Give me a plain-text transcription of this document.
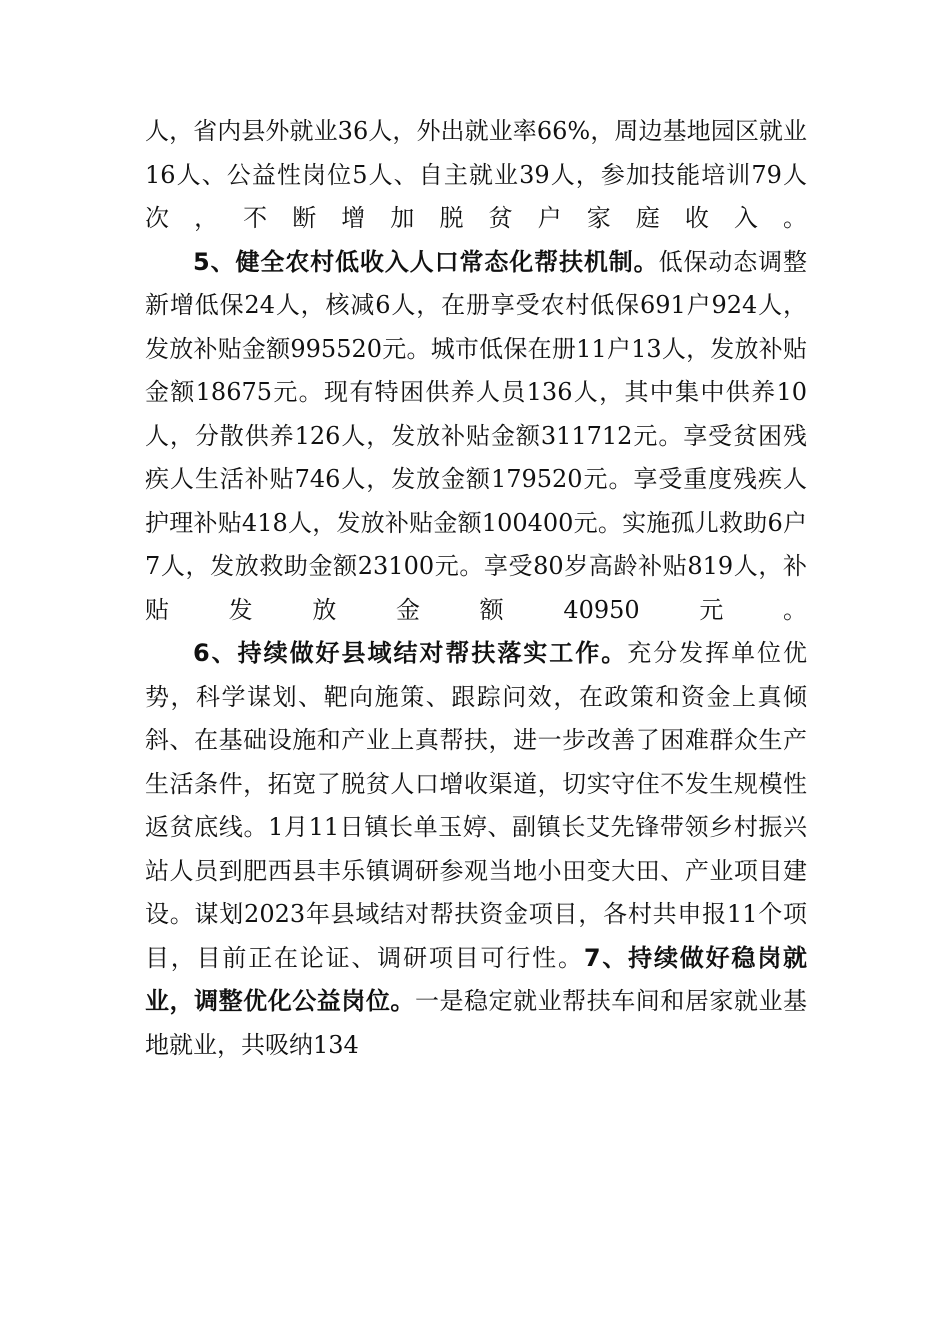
人，省内县外就业36人，外出就业率66%，周边基地园区就业16人、公益性岗位5人、自主就业39人，参加技能培训79人次，不断增加脱贫户家庭收入。

5、健全农村低收入人口常态化帮扶机制。低保动态调整新增低保24人，核减6人，在册享受农村低保691户924人，发放补贴金额995520元。城市低保在册11户13人，发放补贴金额18675元。现有特困供养人员136人，其中集中供养10人，分散供养126人，发放补贴金额311712元。享受贫困残疾人生活补贴746人，发放金额179520元。享受重度残疾人护理补贴418人，发放补贴金额100400元。实施孤儿救助6户7人，发放救助金额23100元。享受80岁高龄补贴819人，补贴发放金额40950元。

6、持续做好县域结对帮扶落实工作。充分发挥单位优势，科学谋划、靶向施策、跟踪问效，在政策和资金上真倾斜、在基础设施和产业上真帮扶，进一步改善了困难群众生产生活条件，拓宽了脱贫人口增收渠道，切实守住不发生规模性返贫底线。1月11日镇长单玉婷、副镇长艾先锋带领乡村振兴站人员到肥西县丰乐镇调研参观当地小田变大田、产业项目建设。谋划2023年县域结对帮扶资金项目，各村共申报11个项目，目前正在论证、调研项目可行性。7、持续做好稳岗就业，调整优化公益岗位。一是稳定就业帮扶车间和居家就业基地就业，共吸纳134
